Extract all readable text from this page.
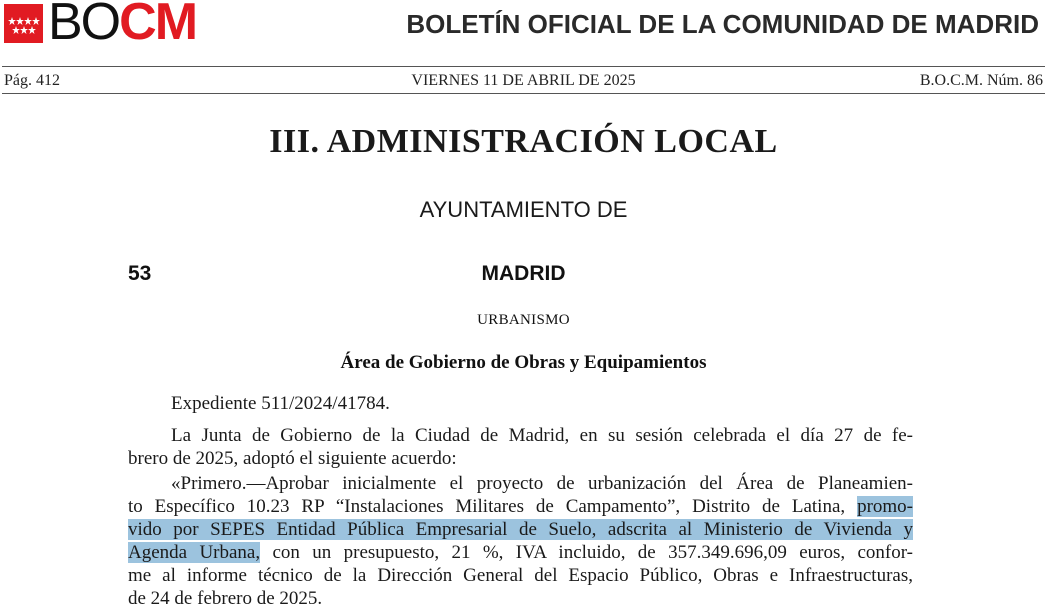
BOCM	BOLETÍN OFICIAL DE LA COMUNIDAD DE MADRID
Pág. 412	VIERNES 11 DE ABRIL DE 2025	B.O.C.M. Núm. 86
III. ADMINISTRACIÓN LOCAL
AYUNTAMIENTO DE
53	MADRID
URBANISMO
Área de Gobierno de Obras y Equipamientos
Expediente 511/2024/41784.
La Junta de Gobierno de la Ciudad de Madrid, en su sesión celebrada el día 27 de fe-
brero de 2025, adoptó el siguiente acuerdo:
«Primero.—Aprobar inicialmente el proyecto de urbanización del Área de Planeamien-
to Específico 10.23 RP “Instalaciones Militares de Campamento”, Distrito de Latina, promo-
vido por SEPES Entidad Pública Empresarial de Suelo, adscrita al Ministerio de Vivienda y
Agenda Urbana, con un presupuesto, 21 %, IVA incluido, de 357.349.696,09 euros, confor-
me al informe técnico de la Dirección General del Espacio Público, Obras e Infraestructuras,
de 24 de febrero de 2025.
